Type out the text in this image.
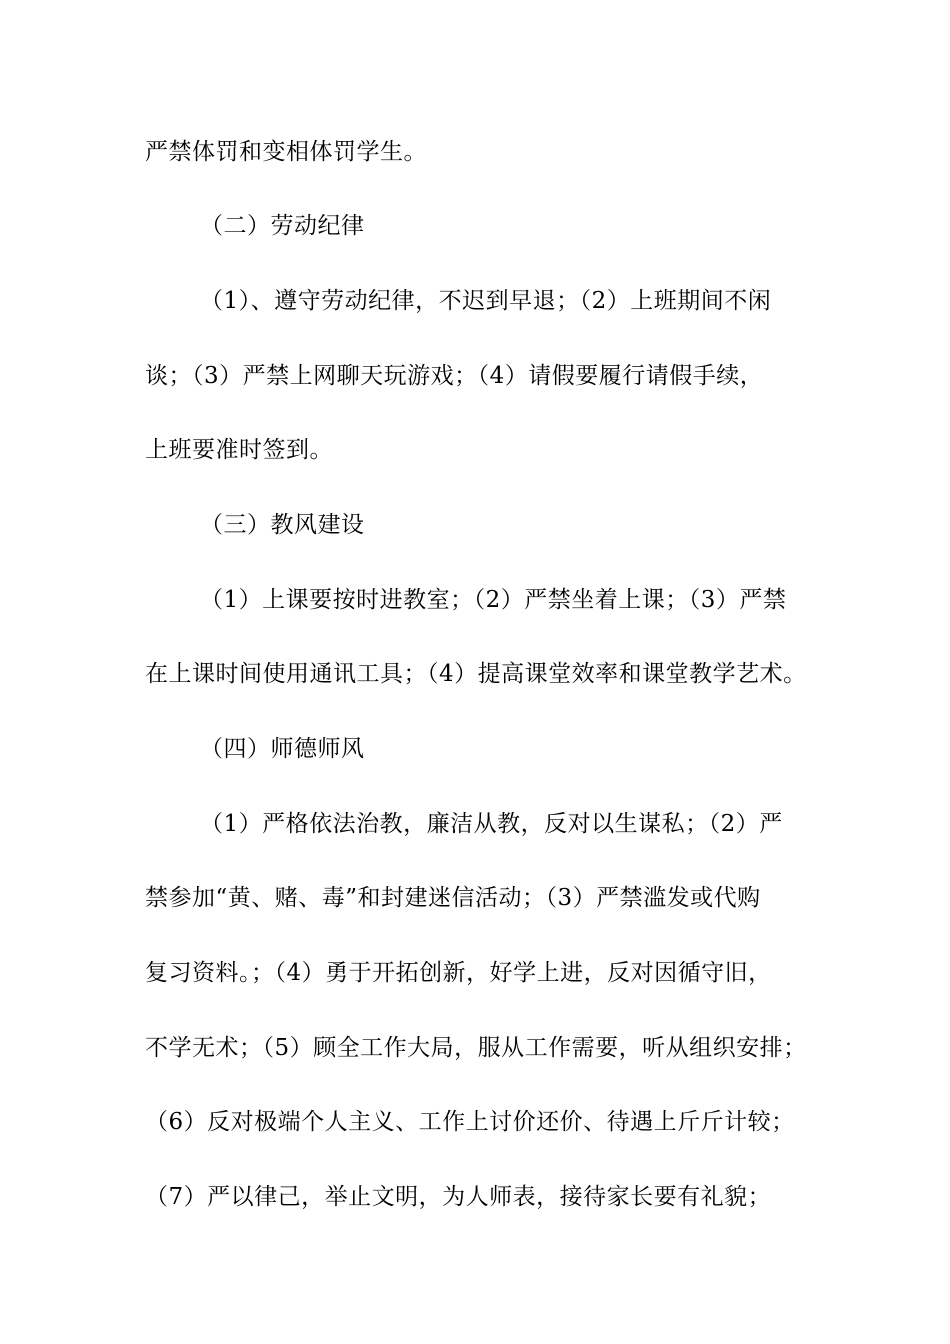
严禁体罚和变相体罚学生。
（二）劳动纪律
（1）、遵守劳动纪律，不迟到早退；（2）上班期间不闲
谈；（3）严禁上网聊天玩游戏；（4）请假要履行请假手续，
上班要准时签到。
（三）教风建设
（1）上课要按时进教室；（2）严禁坐着上课；（3）严禁
在上课时间使用通讯工具；（4）提高课堂效率和课堂教学艺术。
（四）师德师风
（1）严格依法治教，廉洁从教，反对以生谋私；（2）严
禁参加“黄、赌、毒”和封建迷信活动；（3）严禁滥发或代购
复习资料。；（4）勇于开拓创新，好学上进，反对因循守旧，
不学无术；（5）顾全工作大局，服从工作需要，听从组织安排；
（6）反对极端个人主义、工作上讨价还价、待遇上斤斤计较；
（7）严以律己，举止文明，为人师表，接待家长要有礼貌；
